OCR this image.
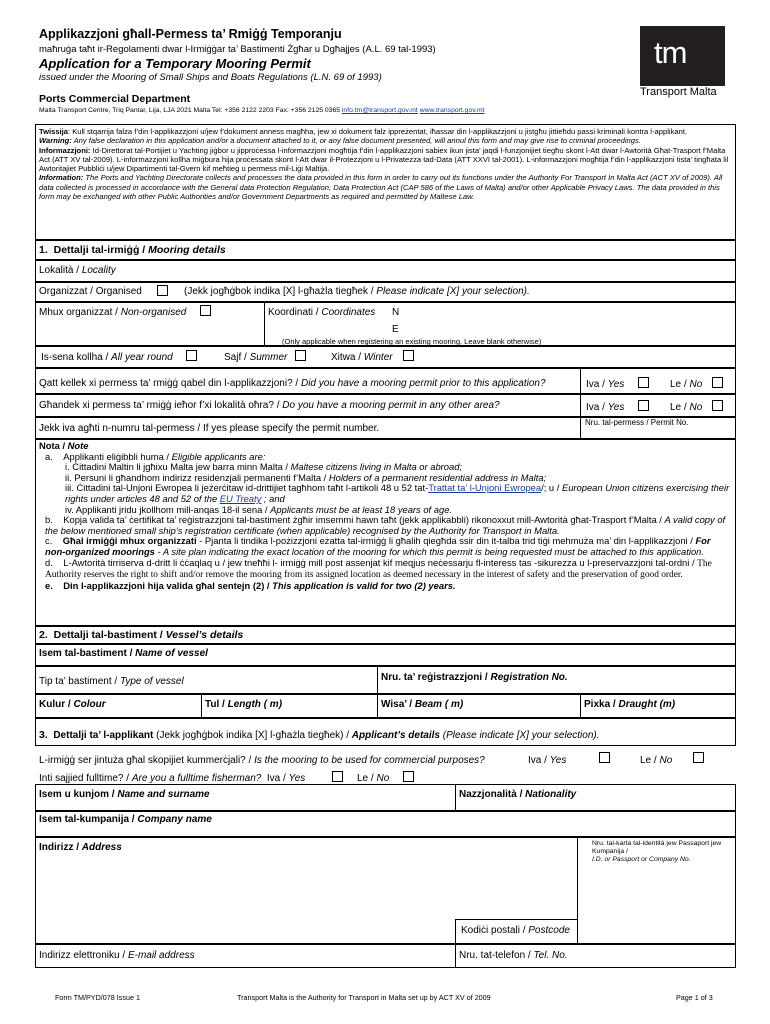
Applikazzjoni għall-Permess ta’ Rmiġġ Temporanju
maħruġa taħt ir-Regolamenti dwar l-Irmiġġar ta’ Bastimenti Żgħar u Dgħajjes (A.L. 69 tal-1993)
Application for a Temporary Mooring Permit
issued under the Mooring of Small Ships and Boats Regulations (L.N. 69 of 1993)
Ports Commercial Department
Malta Transport Centre, Triq Pantar, Lija, LJA 2021 Malta Tel: +356 2122 2203 Fax: +356 2125 0365 info.tm@transport.gov.mt www.transport.gov.mt
tm
Transport Malta
Twissija: Kull stqarrija falza f’din l-applikazzjoni u/jew f’dokument anness magħha, jew xi dokument falz ippreżentat, iħassar din l-applikazzjoni u jistgħu jittieħdu passi kriminali kontra l-applikant.
Warning: Any false declaration in this application and/or a document attached to it, or any false document presented, will annul this form and may give rise to criminal proceedings.
Informazzjoni: Id-Direttorat tal-Portijiet u Yachting jiġbor u jipproċessa l-informazzjoni mogħtija f’din l-applikazzjoni sabiex ikun jista’ jaqdi l-funzjonijiet tiegħu skont l-Att dwar l-Awtorità Għat-Trasport f’Malta Act (ATT XV tal-2009). L-informazzjoni kollha miġbura hija proċessata skont l-Att dwar il-Protezzjoni u l-Privatezza tad-Data (ATT XXVI tal-2001). L-informazzjoni mogħtija f’din l-applikazzjoni tista’ tingħata lil Awtoritajiet Pubbliċi u/jew Dipartimenti tal-Gvern kif meħtieġ u permess mil-Liġi Maltija.
Information: The Ports and Yachting Directorate collects and processes the data provided in this form in order to carry out its functions under the Authority For Transport In Malta Act (ACT XV of 2009). All data collected is processed in accordance with the General data Protection Regulation, Data Protection Act (CAP 586 of the Laws of Malta) and/or other Applicable Privacy Laws. The data provided in this form may be exchanged with other Public Authorities and/or Government Departments as required and permitted by Maltese Law.
1. Dettalji tal-irmiġġ / Mooring details
Lokalità / Locality
Organizzat / Organised	(Jekk jogħġbok indika [X] l-għażla tiegħek / Please indicate [X] your selection).
Mhux organizzat / Non-organised	Koordinati / Coordinates N
E
(Only applicable when registering an existing mooring. Leave blank otherwise)
Is-sena kollha / All year round	Sajf / Summer	Xitwa / Winter
Qatt kellek xi permess ta’ rmiġġ qabel din l-applikazzjoni? / Did you have a mooring permit prior to this application?	Iva / Yes	Le / No
Għandek xi permess ta’ rmiġġ ieħor f’xi lokalità oħra? / Do you have a mooring permit in any other area?	Iva / Yes	Le / No
Jekk iva agħti n-numru tal-permess / If yes please specify the permit number.
Nru. tal-permess / Permit No.

Nota / Note

a. Applikanti eliġibbli huma / Eligible applicants are:

i. Ċittadini Maltin li jgħixu Malta jew barra minn Malta / Maltese citizens living in Malta or abroad;

ii. Persuni li għandhom indirizz residenzjali permanenti f’Malta / Holders of a permanent residential address in Malta;

iii. Ċittadini tal-Unjoni Ewropea li jeżerċitaw id-drittijiet tagħhom taħt l-artikoli 48 u 52 tat-Trattat ta’ l-Unjoni Ewropea/; u / European Union citizens exercising their rights under articles 48 and 52 of the EU Treaty ; and

iv. Applikanti jridu jkollhom mill-anqas 18-il sena / Applicants must be at least 18 years of age.

b. Kopja valida ta’ ċertifikat ta’ reġistrazzjoni tal-bastiment żgħir imsemmi hawn taħt (jekk applikabbli) rikonoxxut mill-Awtorità għat-Trasport f’Malta / A valid copy of the below mentioned small ship’s registration certificate (when applicable) recognised by the Authority for Transport in Malta.

c. Għal irmiġġi mhux organizzati - Pjanta li tindika l-pożizzjoni eżatta tal-irmiġġ li għalih qiegħda ssir din it-talba trid tiġi mehmuża ma’ din l-applikazzjoni / For non-organized moorings - A site plan indicating the exact location of the mooring for which this permit is being requested must be attached to this application.

d. L-Awtorità tirriserva d-dritt li ċċaqlaq u / jew tneħħi l- irmiġġ mill post assenjat kif meqjus neċessarju fl-interess tas -sikurezza u l-preservazzjoni tal-ordni / The Authority reserves the right to shift and/or remove the mooring from its assigned location as deemed necessary in the interest of safety and the preservation of good order.

e. Din l-applikazzjoni hija valida għal sentejn (2) / This application is valid for two (2) years.

2. Dettalji tal-bastiment / Vessel’s details
Isem tal-bastiment / Name of vessel
Tip ta’ bastiment / Type of vessel	Nru. ta’ reġistrazzjoni / Registration No.
Kulur / Colour	Tul / Length ( m)	Wisa’ / Beam ( m)	Pixka / Draught (m)
3. Dettalji ta’ l-applikant (Jekk jogħġbok indika [X] l-għażla tiegħek) / Applicant’s details (Please indicate [X] your selection).
L-irmiġġ ser jintuża għal skopijiet kummerċjali? / Is the mooring to be used for commercial purposes?	Iva / Yes	Le / No
Inti sajjied fulltime? / Are you a fulltime fisherman? Iva / Yes	Le / No
Isem u kunjom / Name and surname	Nazzjonalità / Nationality
Isem tal-kumpanija / Company name
Indirizz / Address	Nru. tal-karta tal-identità jew Passaport jew Kumpanija /
I.D. or Passport or Company No.
Kodiċi postali / Postcode
Indirizz elettroniku / E-mail address	Nru. tat-telefon / Tel. No.
Form TM/PYD/078 Issue 1	Transport Malta is the Authority for Transport in Malta set up by ACT XV of 2009	Page 1 of 3
